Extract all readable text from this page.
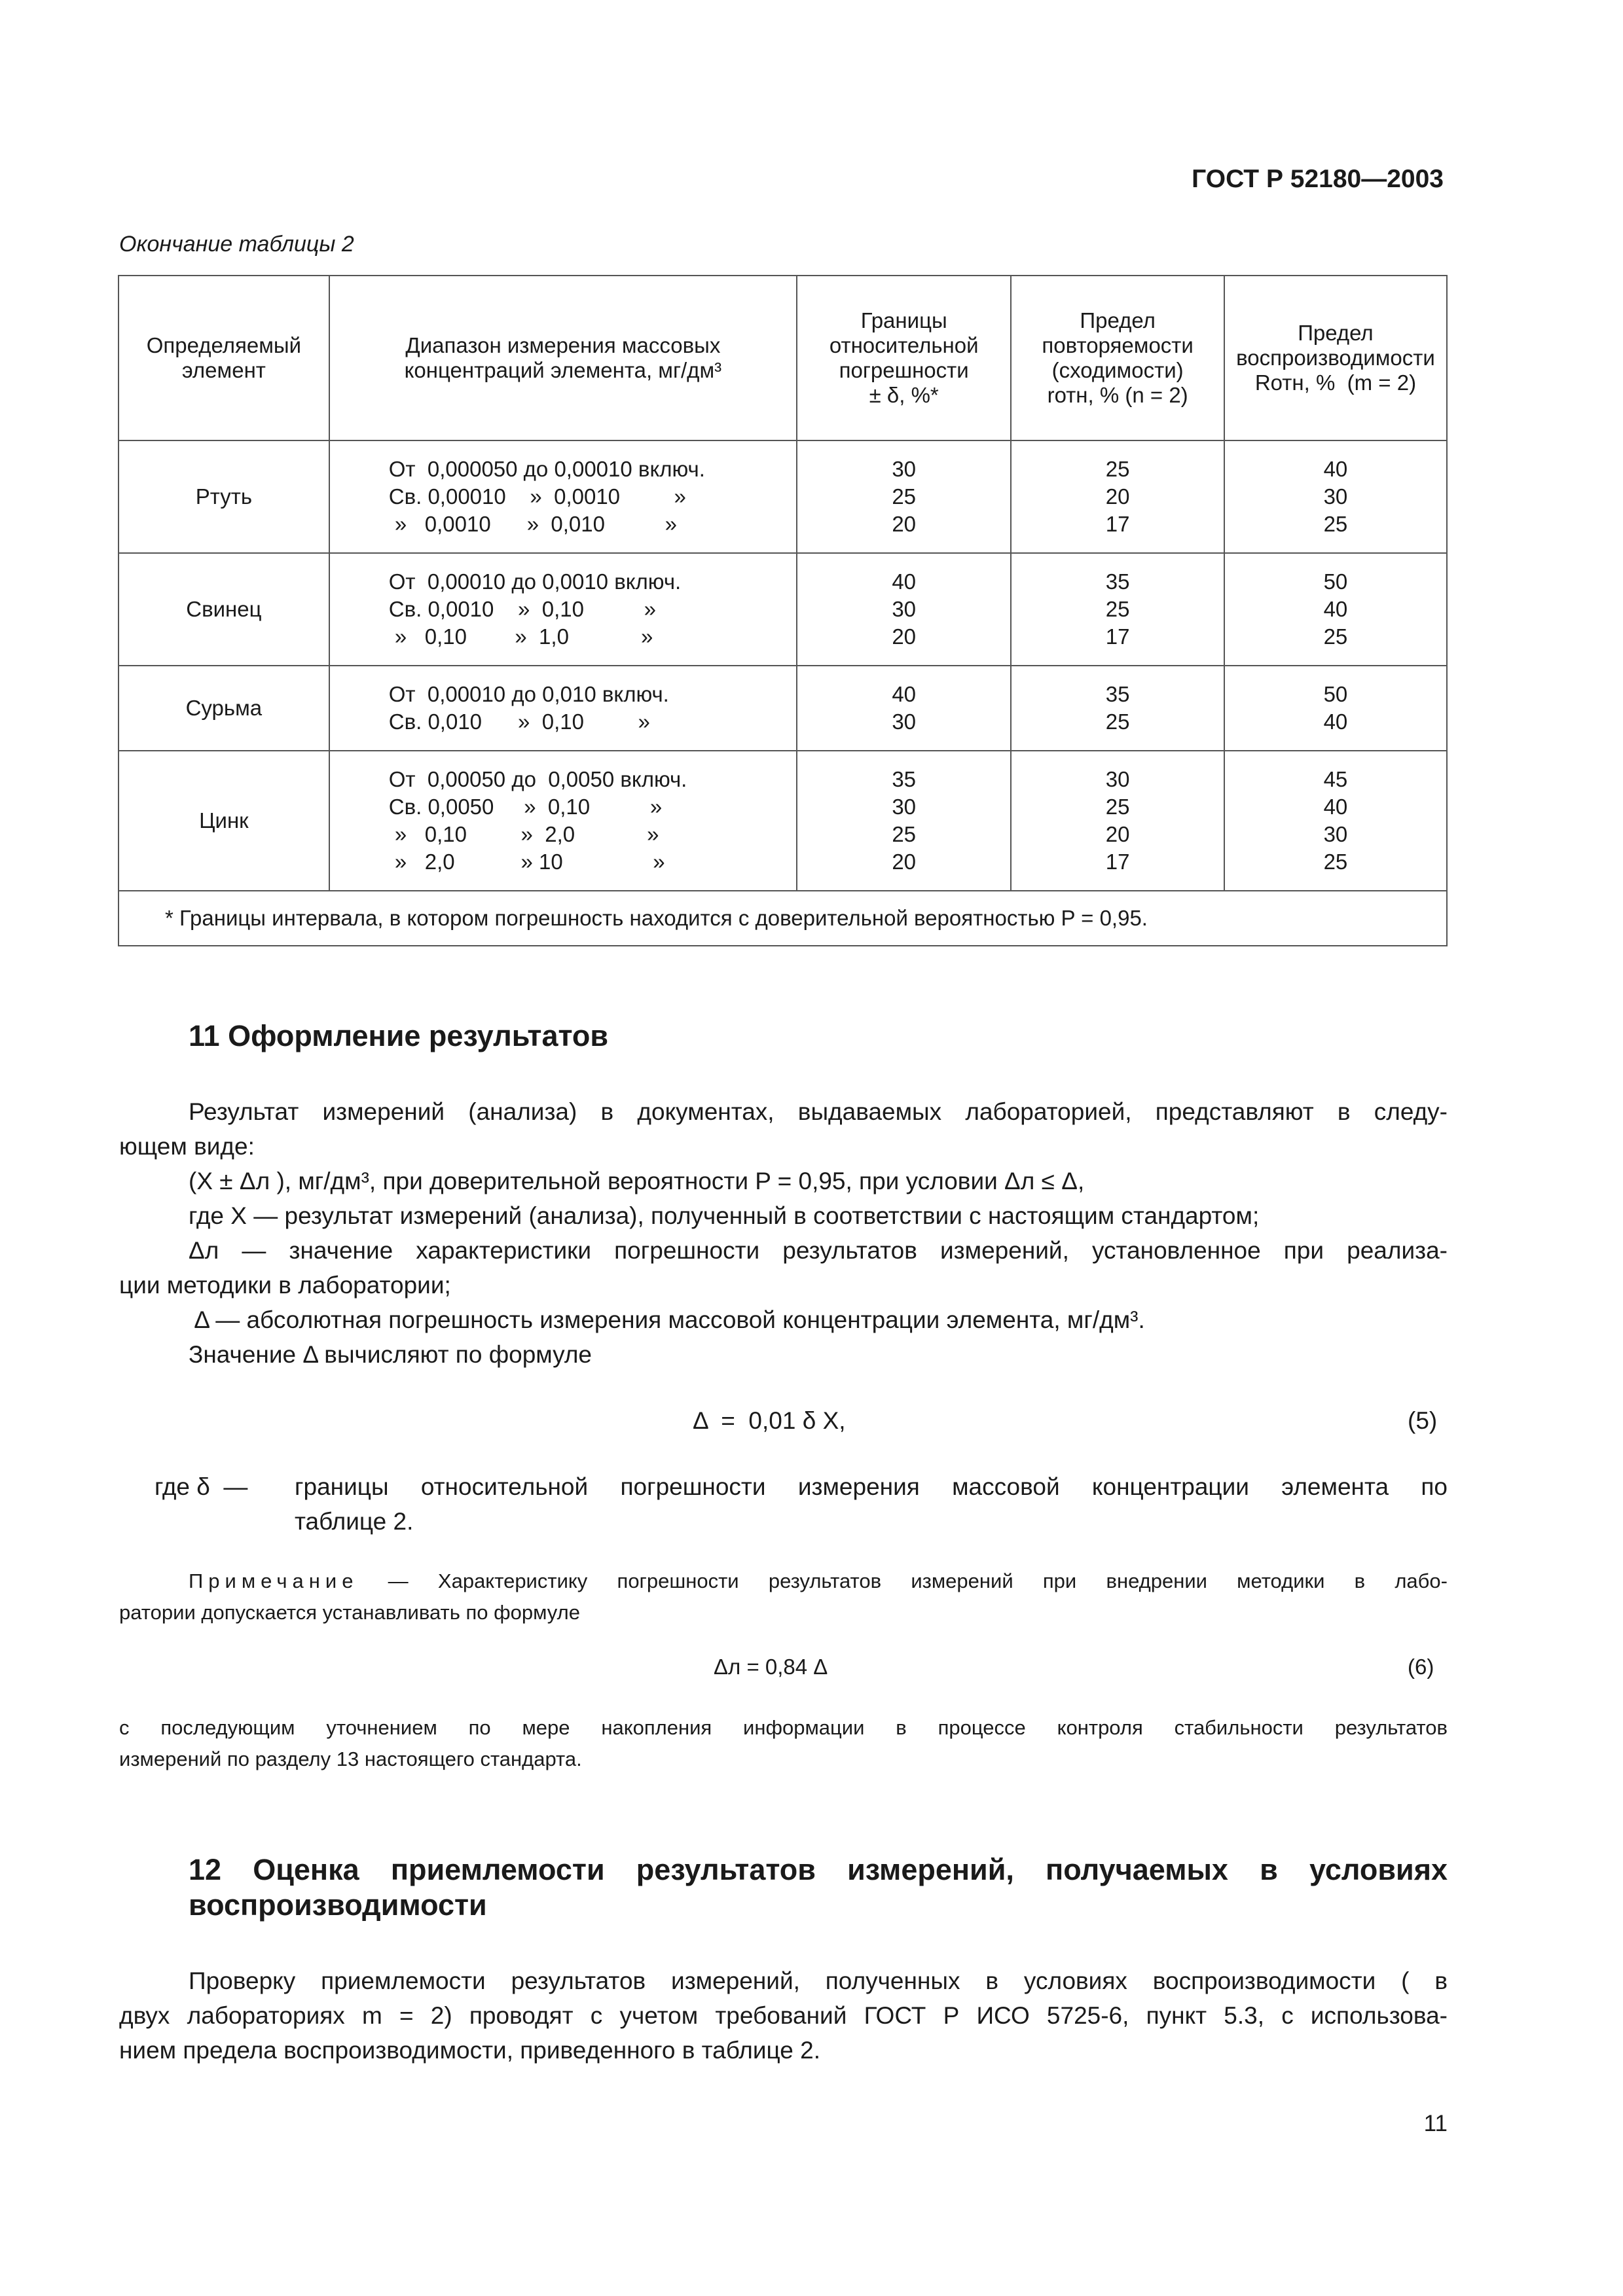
ГОСТ Р 52180—2003
Окончание таблицы 2
Определяемый
элемент	Диапазон измерения массовых
концентраций элемента, мг/дм³	Границы
относительной
погрешности
± δ, %*	Предел
повторяемости
(сходимости)
rотн, % (n = 2)	Предел
воспроизводимости
Rотн, %  (m = 2)

Ртуть	От  0,000050 до 0,00010 включ.
Св. 0,00010    »  0,0010         »
»   0,0010      »  0,010          »	30
25
20	25
20
17	40
30
25

Свинец	От  0,00010 до 0,0010 включ.
Св. 0,0010    »  0,10          »
»   0,10        »  1,0            »	40
30
20	35
25
17	50
40
25

Сурьма	От  0,00010 до 0,010 включ.
Св. 0,010      »  0,10         »	40
30	35
25	50
40

Цинк	От  0,00050 до  0,0050 включ.
Св. 0,0050     »  0,10          »
»   0,10         »  2,0            »
»   2,0           » 10               »	35
30
25
20	30
25
20
17	45
40
30
25

* Границы интервала, в котором погрешность находится с доверительной вероятностью P = 0,95.				
11 Оформление результатов
Результат измерений (анализа) в документах, выдаваемых лабораторией, представляют в следу-
ющем виде:
(X ± Δл ), мг/дм³, при доверительной вероятности P = 0,95, при условии Δл ≤ Δ,
где X — результат измерений (анализа), полученный в соответствии с настоящим стандартом;
Δл — значение характеристики погрешности результатов измерений, установленное при реализа-
ции методики в лаборатории;
Δ — абсолютная погрешность измерения массовой концентрации элемента, мг/дм³.
Значение Δ вычисляют по формуле
Δ  =  0,01 δ X,	(5)
где δ  — границы относительной погрешности измерения массовой концентрации элемента по
таблице 2.
Примечание — Характеристику погрешности результатов измерений при внедрении методики в лабо-
ратории допускается устанавливать по формуле
Δл = 0,84 Δ	(6)
с последующим уточнением по мере накопления информации в процессе контроля стабильности результатов
измерений по разделу 13 настоящего стандарта.
12 Оценка приемлемости результатов измерений, получаемых в условиях
воспроизводимости
Проверку приемлемости результатов измерений, полученных в условиях воспроизводимости ( в
двух лабораториях m = 2) проводят с учетом требований ГОСТ Р ИСО 5725-6, пункт 5.3, с использова-
нием предела воспроизводимости, приведенного в таблице 2.
11
